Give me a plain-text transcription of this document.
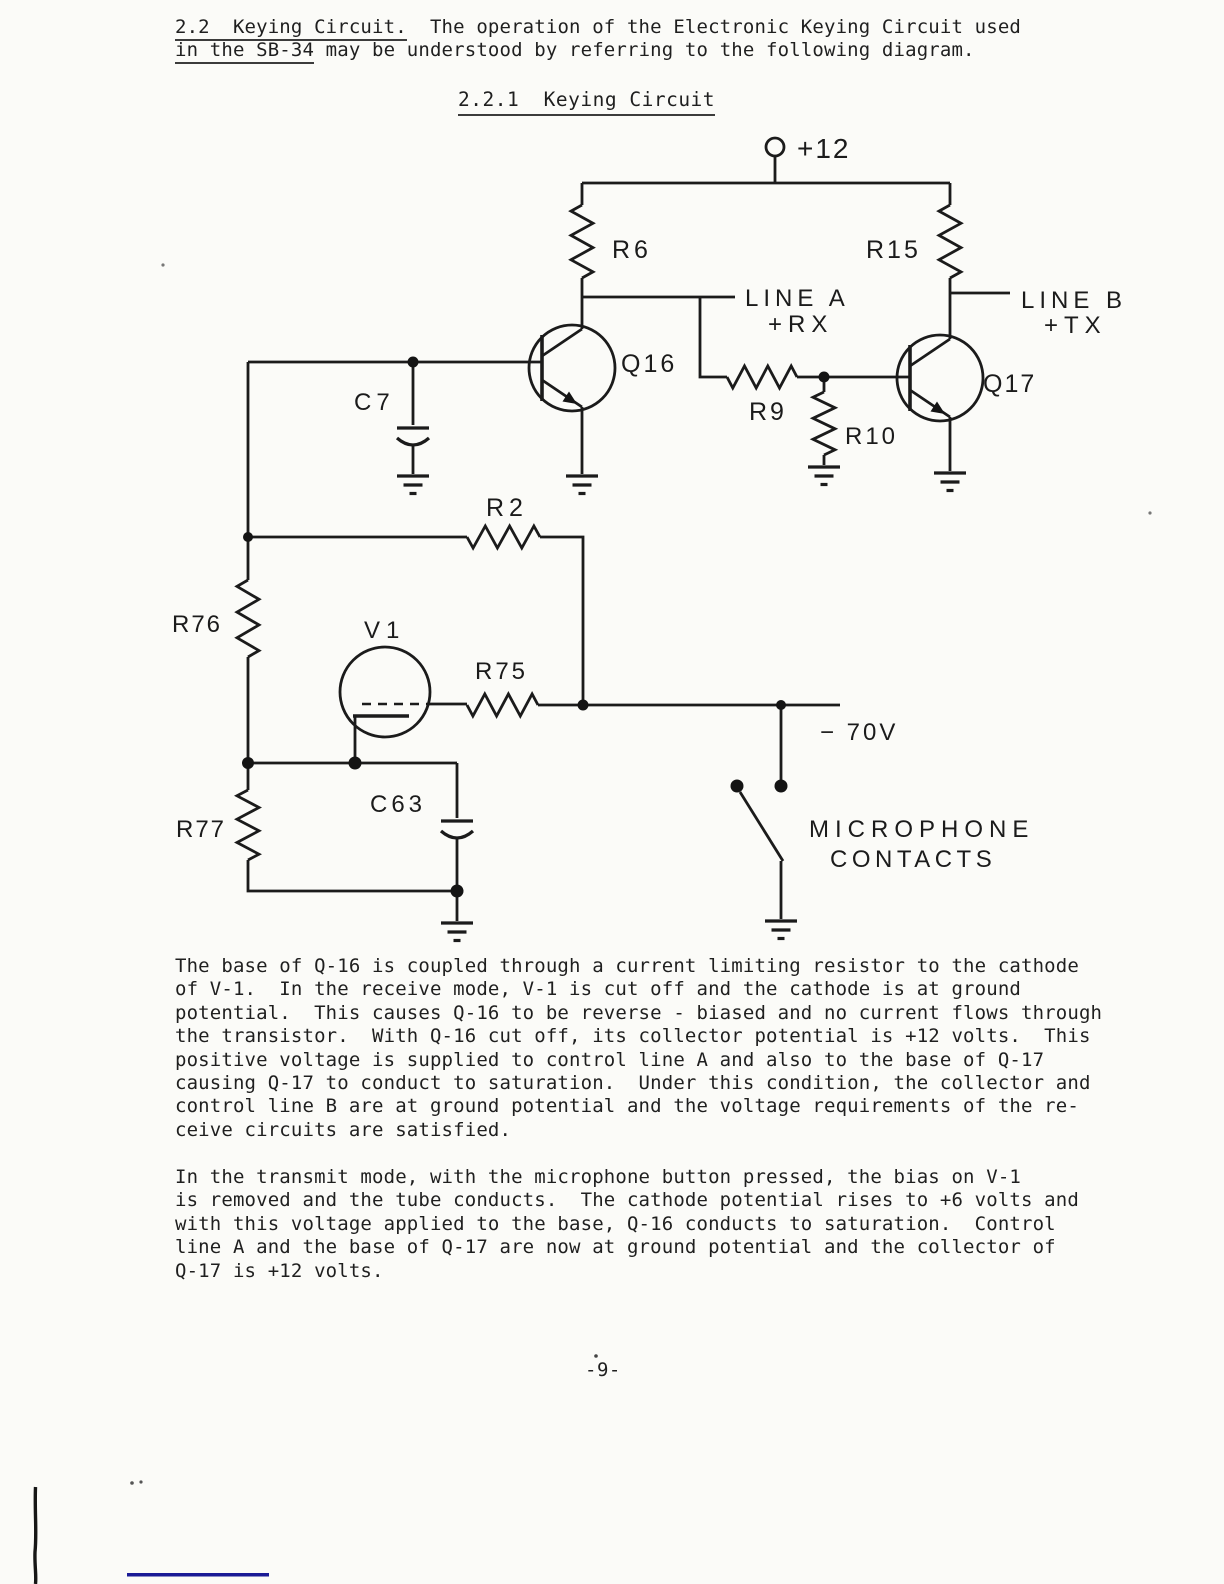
2.2  Keying Circuit.  The operation of the Electronic Keying Circuit used
in the SB-34 may be understood by referring to the following diagram.
2.2.1  Keying Circuit
+12
R6	R15
LINE A
+RX
LINE B
+TX
Q16
Q17
R9
R10
C7
R2
R76	V1
R75
R77
C63
− 70V
MICROPHONE
CONTACTS
The base of Q-16 is coupled through a current limiting resistor to the cathode
of V-1.  In the receive mode, V-1 is cut off and the cathode is at ground
potential.  This causes Q-16 to be reverse - biased and no current flows through
the transistor.  With Q-16 cut off, its collector potential is +12 volts.  This
positive voltage is supplied to control line A and also to the base of Q-17
causing Q-17 to conduct to saturation.  Under this condition, the collector and
control line B are at ground potential and the voltage requirements of the re-
ceive circuits are satisfied.
In the transmit mode, with the microphone button pressed, the bias on V-1
is removed and the tube conducts.  The cathode potential rises to +6 volts and
with this voltage applied to the base, Q-16 conducts to saturation.  Control
line A and the base of Q-17 are now at ground potential and the collector of
Q-17 is +12 volts.
-9-
